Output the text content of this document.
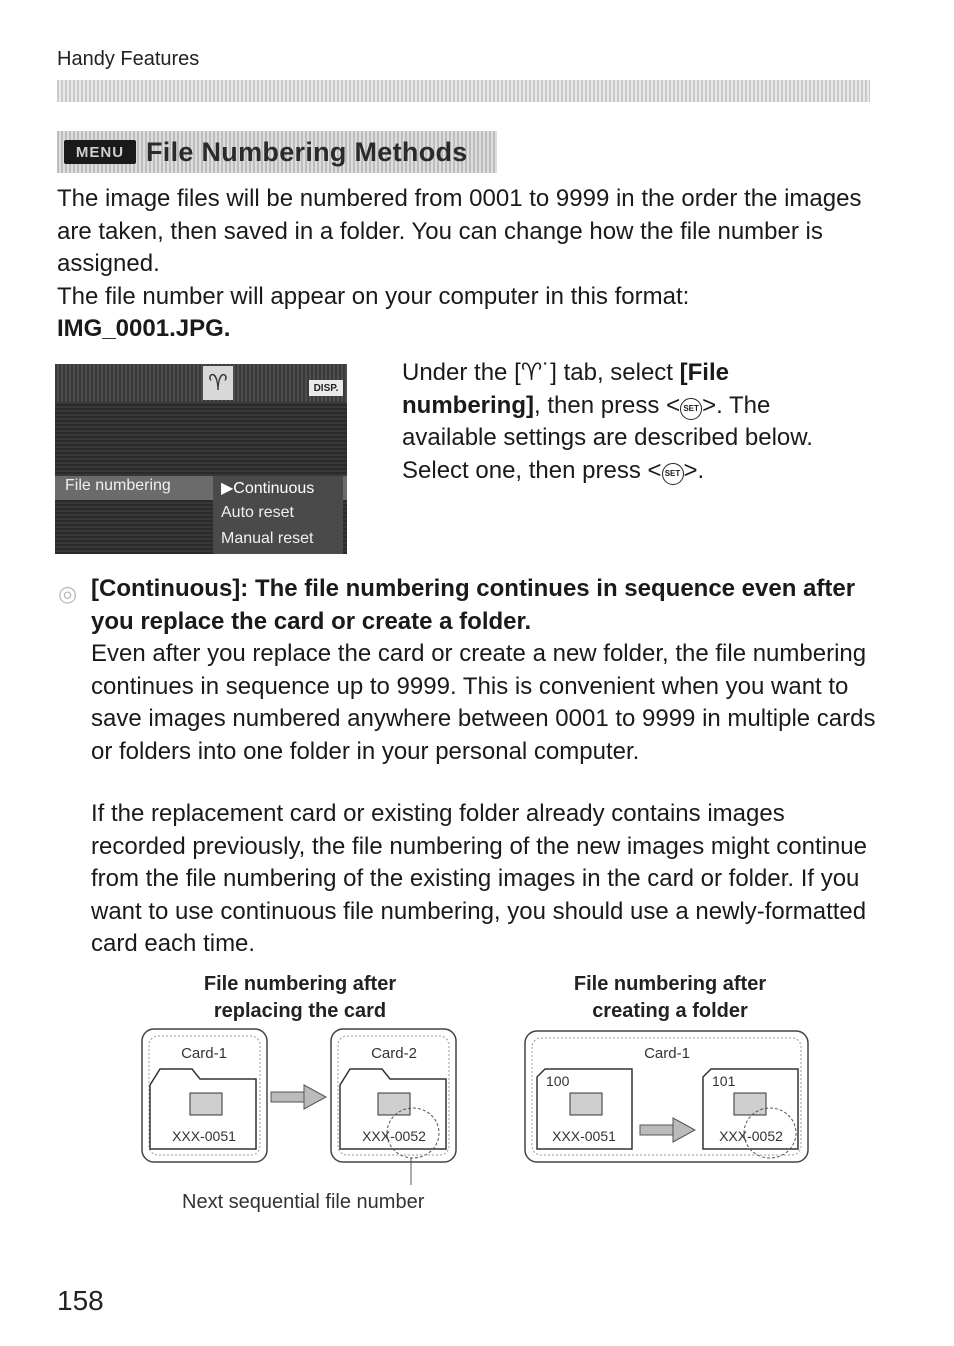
Handy Features
MENU File Numbering Methods
The image files will be numbered from 0001 to 9999 in the order the images are taken, then saved in a folder. You can change how the file number is assigned.
The file number will appear on your computer in this format:
IMG_0001.JPG.
♈	DISP.
File numbering	▶Continuous
Auto reset
Manual reset
Under the [♈˙] tab, select [File numbering], then press < SET >. The available settings are described below. Select one, then press < SET >.
◎ [Continuous]: The file numbering continues in sequence even after you replace the card or create a folder.
Even after you replace the card or create a new folder, the file numbering continues in sequence up to 9999. This is convenient when you want to save images numbered anywhere between 0001 to 9999 in multiple cards or folders into one folder in your personal computer.
If the replacement card or existing folder already contains images recorded previously, the file numbering of the new images might continue from the file numbering of the existing images in the card or folder. If you want to use continuous file numbering, you should use a newly-formatted card each time.
File numbering after
replacing the card
File numbering after
creating a folder
Card-1
XXX-0051
Card-2
XXX-0052
Card-1
100
XXX-0051
101
XXX-0052
Next sequential file number
158
